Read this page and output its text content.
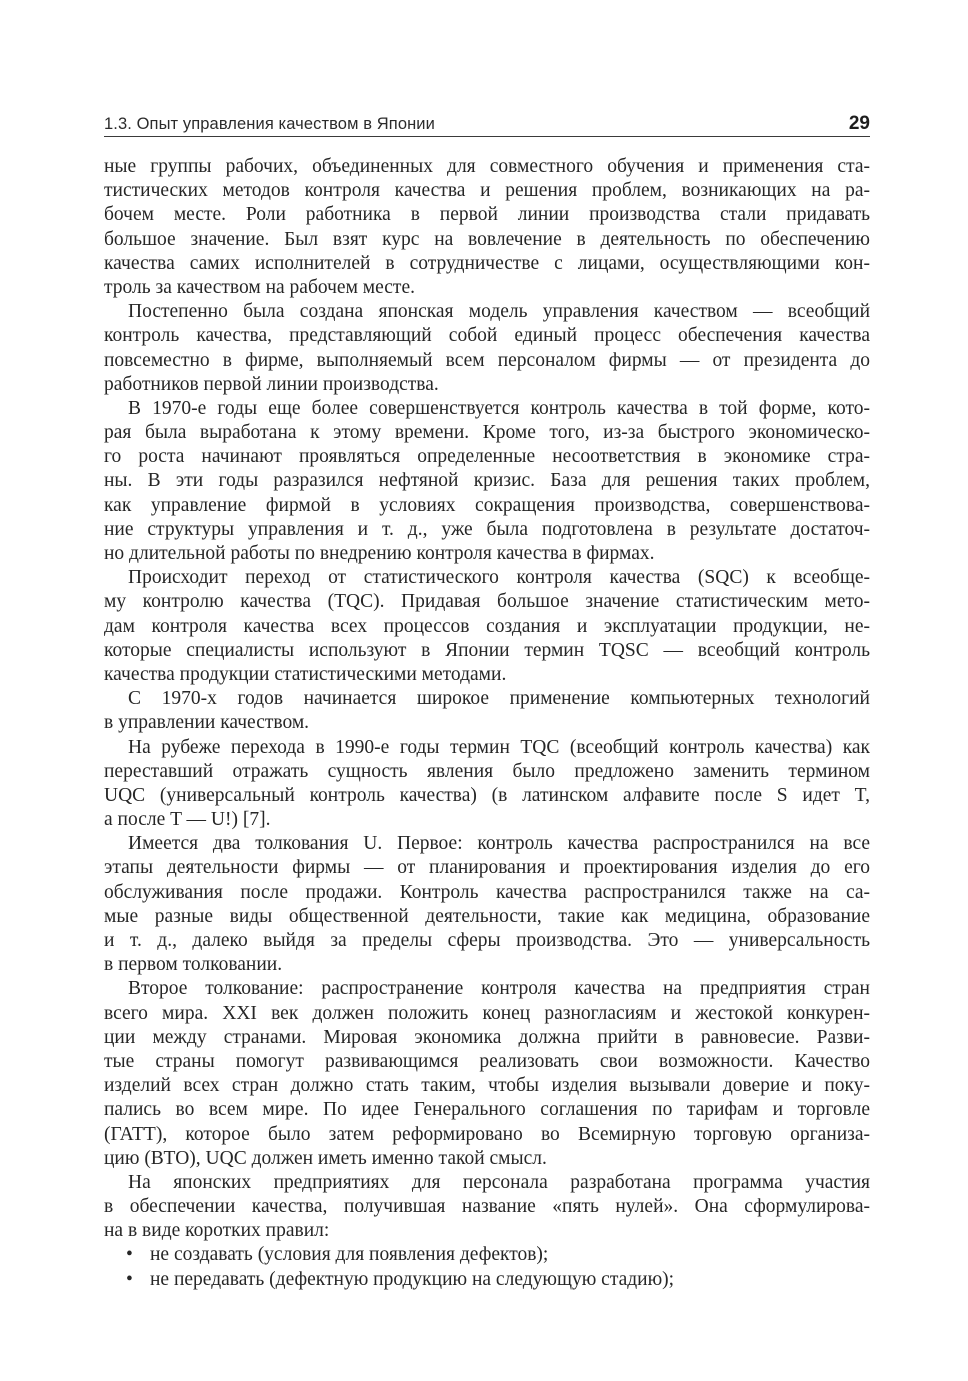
1.3. Опыт управления качеством в Японии	29
ные группы рабочих, объединенных для совместного обучения и применения ста-
тистических методов контроля качества и решения проблем, возникающих на ра-
бочем месте. Роли работника в первой линии производства стали придавать
большое значение. Был взят курс на вовлечение в деятельность по обеспечению
качества самих исполнителей в сотрудничестве с лицами, осуществляющими кон-
троль за качеством на рабочем месте.
Постепенно была создана японская модель управления качеством — всеобщий
контроль качества, представляющий собой единый процесс обеспечения качества
повсеместно в фирме, выполняемый всем персоналом фирмы — от президента до
работников первой линии производства.
В 1970-е годы еще более совершенствуется контроль качества в той форме, кото-
рая была выработана к этому времени. Кроме того, из-за быстрого экономическо-
го роста начинают проявляться определенные несоответствия в экономике стра-
ны. В эти годы разразился нефтяной кризис. База для решения таких проблем,
как управление фирмой в условиях сокращения производства, совершенствова-
ние структуры управления и т. д., уже была подготовлена в результате достаточ-
но длительной работы по внедрению контроля качества в фирмах.
Происходит переход от статистического контроля качества (SQC) к всеобще-
му контролю качества (TQC). Придавая большое значение статистическим мето-
дам контроля качества всех процессов создания и эксплуатации продукции, не-
которые специалисты используют в Японии термин TQSC — всеобщий контроль
качества продукции статистическими методами.
С 1970-х годов начинается широкое применение компьютерных технологий
в управлении качеством.
На рубеже перехода в 1990-е годы термин TQC (всеобщий контроль качества) как
переставший отражать сущность явления было предложено заменить термином
UQC (универсальный контроль качества) (в латинском алфавите после S идет T,
а после T — U!) [7].
Имеется два толкования U. Первое: контроль качества распространился на все
этапы деятельности фирмы — от планирования и проектирования изделия до его
обслуживания после продажи. Контроль качества распространился также на са-
мые разные виды общественной деятельности, такие как медицина, образование
и т. д., далеко выйдя за пределы сферы производства. Это — универсальность
в первом толковании.
Второе толкование: распространение контроля качества на предприятия стран
всего мира. XXI век должен положить конец разногласиям и жестокой конкурен-
ции между странами. Мировая экономика должна прийти в равновесие. Разви-
тые страны помогут развивающимся реализовать свои возможности. Качество
изделий всех стран должно стать таким, чтобы изделия вызывали доверие и поку-
пались во всем мире. По идее Генерального соглашения по тарифам и торговле
(ГАТТ), которое было затем реформировано во Всемирную торговую организа-
цию (ВТО), UQC должен иметь именно такой смысл.
На японских предприятиях для персонала разработана программа участия
в обеспечении качества, получившая название «пять нулей». Она сформулирова-
на в виде коротких правил:
• не создавать (условия для появления дефектов);
• не передавать (дефектную продукцию на следующую стадию);
